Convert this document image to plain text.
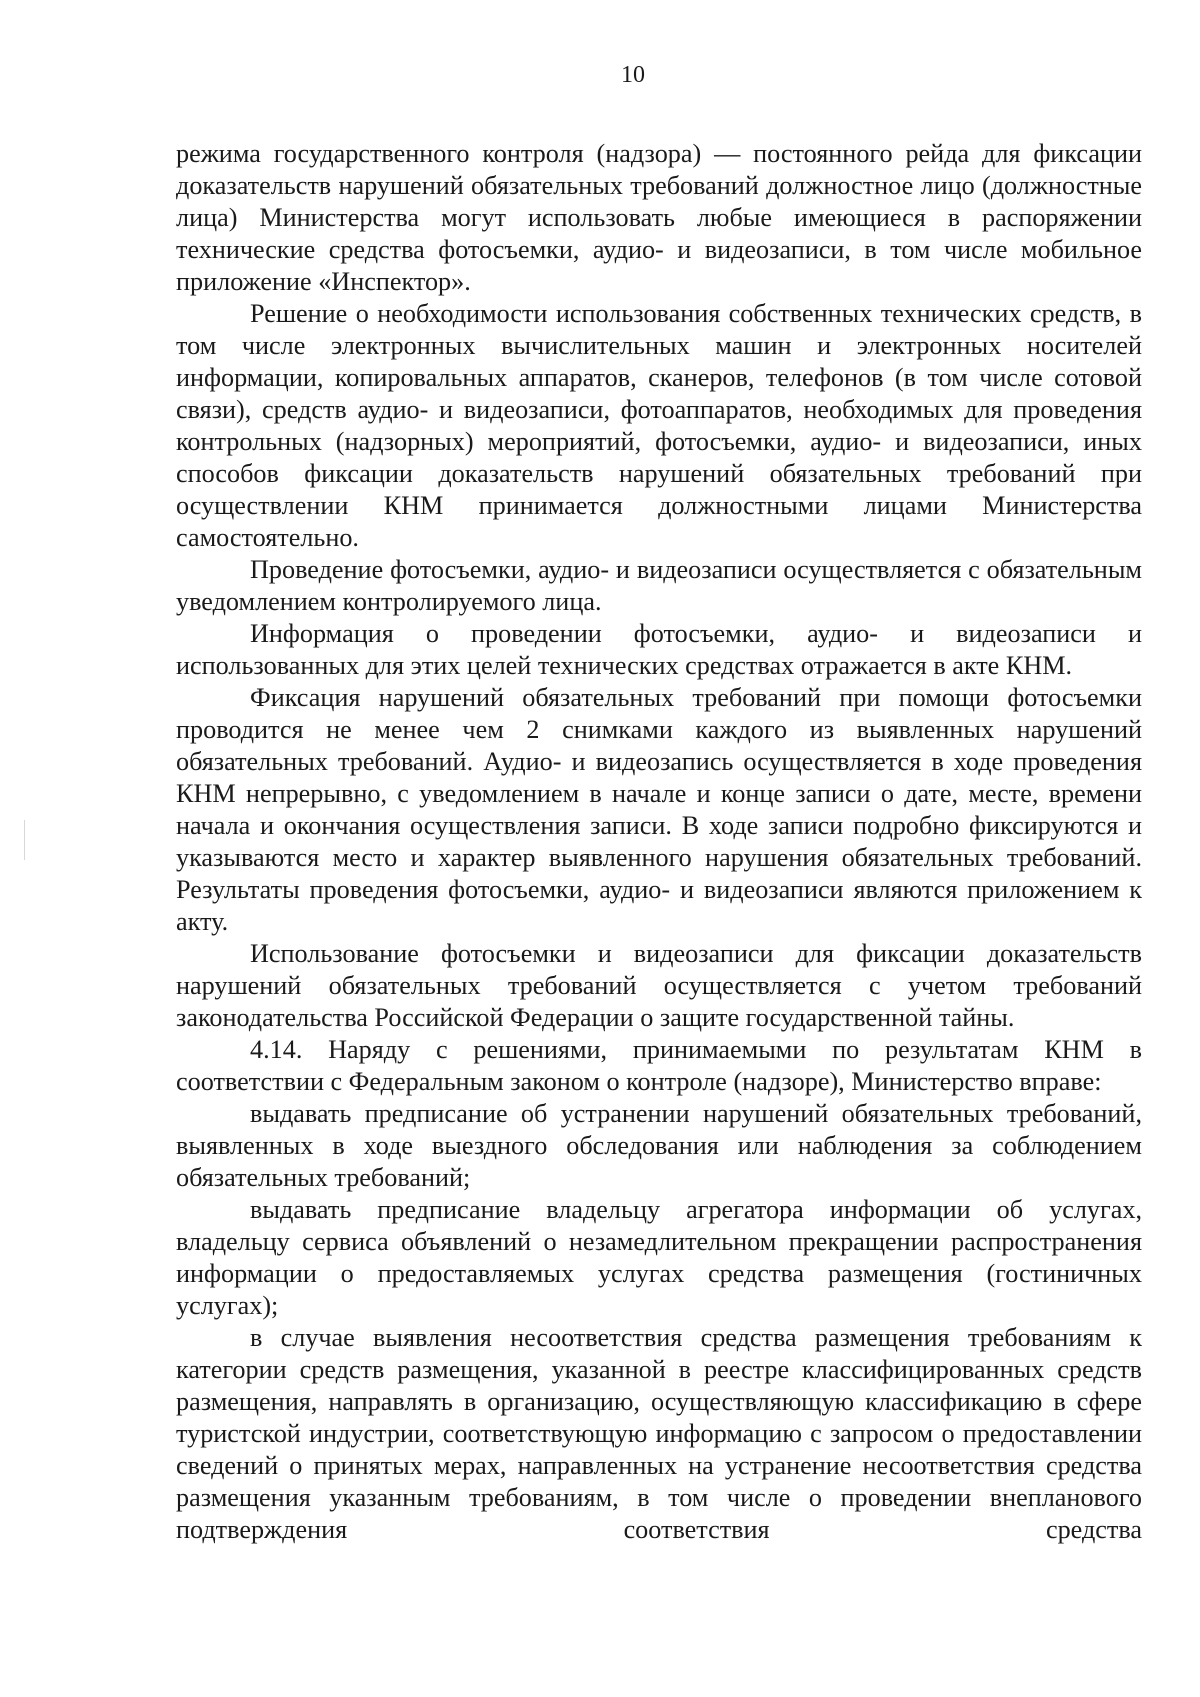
10

режима государственного контроля (надзора) — постоянного рейда для фиксации доказательств нарушений обязательных требований должностное лицо (должностные лица) Министерства могут использовать любые имеющиеся в распоряжении технические средства фотосъемки, аудио- и видеозаписи, в том числе мобильное приложение «Инспектор».

Решение о необходимости использования собственных технических средств, в том числе электронных вычислительных машин и электронных носителей информации, копировальных аппаратов, сканеров, телефонов (в том числе сотовой связи), средств аудио- и видеозаписи, фотоаппаратов, необходимых для проведения контрольных (надзорных) мероприятий, фотосъемки, аудио- и видеозаписи, иных способов фиксации доказательств нарушений обязательных требований при осуществлении КНМ принимается должностными лицами Министерства самостоятельно.

Проведение фотосъемки, аудио- и видеозаписи осуществляется с обязательным уведомлением контролируемого лица.

Информация о проведении фотосъемки, аудио- и видеозаписи и использованных для этих целей технических средствах отражается в акте КНМ.

Фиксация нарушений обязательных требований при помощи фотосъемки проводится не менее чем 2 снимками каждого из выявленных нарушений обязательных требований. Аудио- и видеозапись осуществляется в ходе проведения КНМ непрерывно, с уведомлением в начале и конце записи о дате, месте, времени начала и окончания осуществления записи. В ходе записи подробно фиксируются и указываются место и характер выявленного нарушения обязательных требований. Результаты проведения фотосъемки, аудио- и видеозаписи являются приложением к акту.

Использование фотосъемки и видеозаписи для фиксации доказательств нарушений обязательных требований осуществляется с учетом требований законодательства Российской Федерации о защите государственной тайны.

4.14. Наряду с решениями, принимаемыми по результатам КНМ в соответствии с Федеральным законом о контроле (надзоре), Министерство вправе:

выдавать предписание об устранении нарушений обязательных требований, выявленных в ходе выездного обследования или наблюдения за соблюдением обязательных требований;

выдавать предписание владельцу агрегатора информации об услугах, владельцу сервиса объявлений о незамедлительном прекращении распространения информации о предоставляемых услугах средства размещения (гостиничных услугах);

в случае выявления несоответствия средства размещения требованиям к категории средств размещения, указанной в реестре классифицированных средств размещения, направлять в организацию, осуществляющую классификацию в сфере туристской индустрии, соответствующую информацию с запросом о предоставлении сведений о принятых мерах, направленных на устранение несоответствия средства размещения указанным требованиям, в том числе о проведении внепланового подтверждения соответствия средства
